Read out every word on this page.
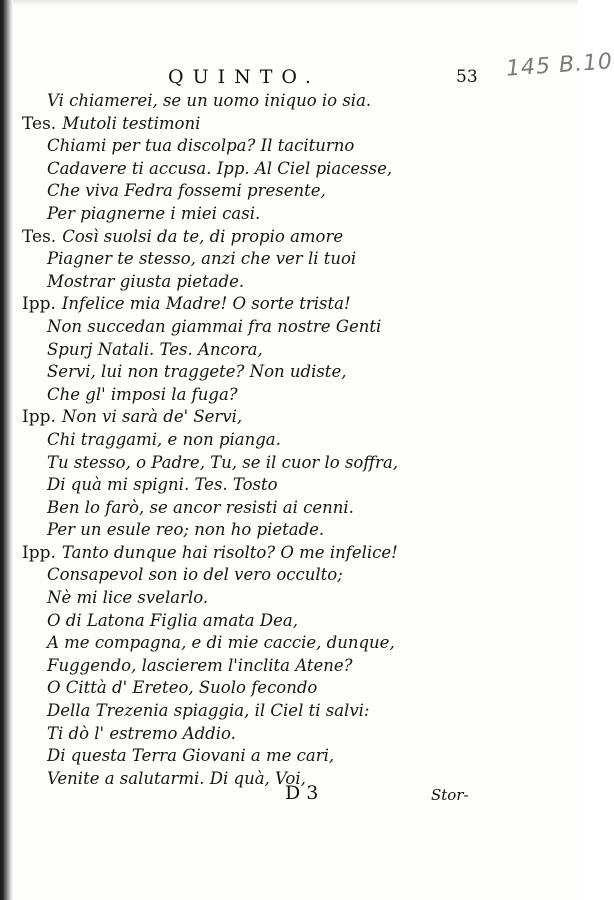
QUINTO.	53 145 B.10
Vi chiamerei, se un uomo iniquo io sia.
Tes. Mutoli testimoni
Chiami per tua discolpa? Il taciturno
Cadavere ti accusa. Ipp. Al Ciel piacesse,
Che viva Fedra fossemi presente,
Per piagnerne i miei casi.
Tes. Così suolsi da te, di propio amore
Piagner te stesso, anzi che ver li tuoi
Mostrar giusta pietade.
Ipp. Infelice mia Madre! O sorte trista!
Non succedan giammai fra nostre Genti
Spurj Natali. Tes. Ancora,
Servi, lui non traggete? Non udiste,
Che gl' imposi la fuga?
Ipp. Non vi sarà de' Servi,
Chi traggami, e non pianga.
Tu stesso, o Padre, Tu, se il cuor lo soffra,
Di quà mi spigni. Tes. Tosto
Ben lo farò, se ancor resisti ai cenni.
Per un esule reo; non ho pietade.
Ipp. Tanto dunque hai risolto? O me infelice!
Consapevol son io del vero occulto;
Nè mi lice svelarlo.
O di Latona Figlia amata Dea,
A me compagna, e di mie caccie, dunque,
Fuggendo, lascierem l'inclita Atene?
O Città d' Ereteo, Suolo fecondo
Della Trezenia spiaggia, il Ciel ti salvi:
Ti dò l' estremo Addio.
Di questa Terra Giovani a me cari,
Venite a salutarmi. Di quà, Voi,
D 3	Stor-
